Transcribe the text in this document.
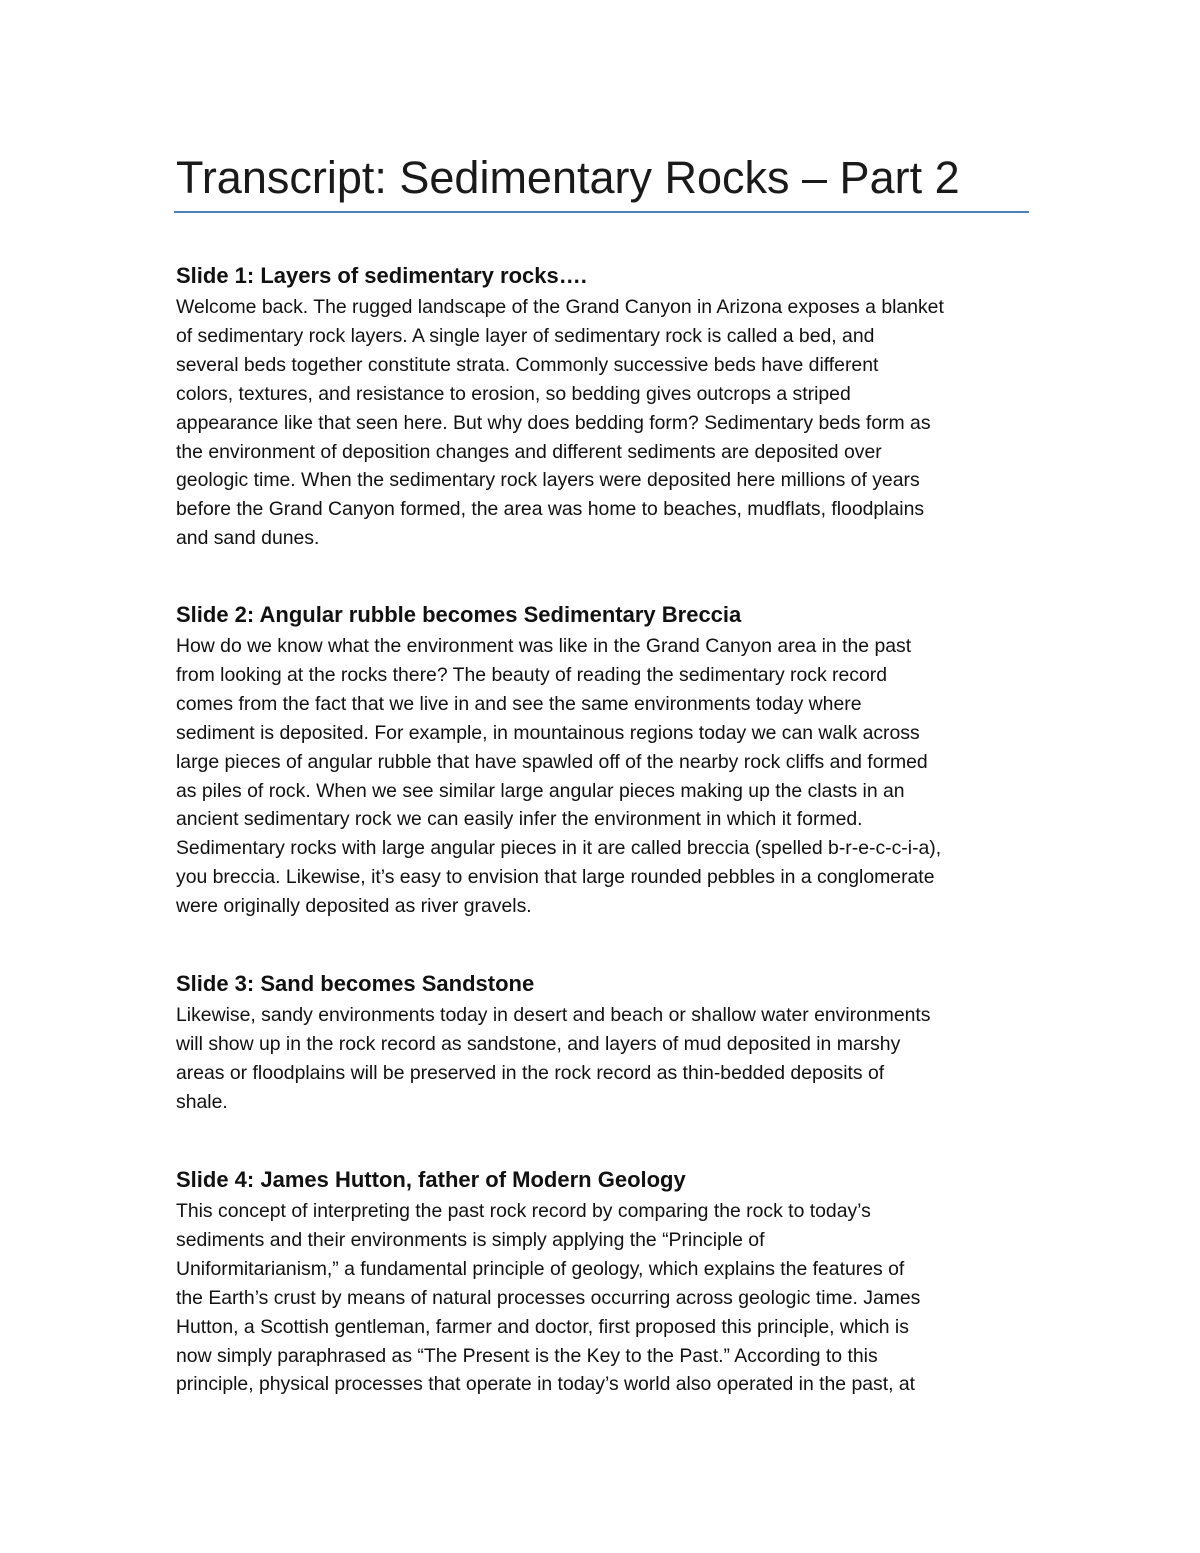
Transcript: Sedimentary Rocks – Part 2
Slide 1: Layers of sedimentary rocks….

Welcome back. The rugged landscape of the Grand Canyon in Arizona exposes a blanket
of sedimentary rock layers. A single layer of sedimentary rock is called a bed, and
several beds together constitute strata. Commonly successive beds have different
colors, textures, and resistance to erosion, so bedding gives outcrops a striped
appearance like that seen here. But why does bedding form? Sedimentary beds form as
the environment of deposition changes and different sediments are deposited over
geologic time. When the sedimentary rock layers were deposited here millions of years
before the Grand Canyon formed, the area was home to beaches, mudflats, floodplains
and sand dunes.

Slide 2: Angular rubble becomes Sedimentary Breccia

How do we know what the environment was like in the Grand Canyon area in the past
from looking at the rocks there? The beauty of reading the sedimentary rock record
comes from the fact that we live in and see the same environments today where
sediment is deposited. For example, in mountainous regions today we can walk across
large pieces of angular rubble that have spawled off of the nearby rock cliffs and formed
as piles of rock. When we see similar large angular pieces making up the clasts in an
ancient sedimentary rock we can easily infer the environment in which it formed.
Sedimentary rocks with large angular pieces in it are called breccia (spelled b-r-e-c-c-i-a),
you breccia. Likewise, it’s easy to envision that large rounded pebbles in a conglomerate
were originally deposited as river gravels.

Slide 3: Sand becomes Sandstone

Likewise, sandy environments today in desert and beach or shallow water environments
will show up in the rock record as sandstone, and layers of mud deposited in marshy
areas or floodplains will be preserved in the rock record as thin-bedded deposits of
shale.

Slide 4: James Hutton, father of Modern Geology

This concept of interpreting the past rock record by comparing the rock to today’s
sediments and their environments is simply applying the “Principle of
Uniformitarianism,” a fundamental principle of geology, which explains the features of
the Earth’s crust by means of natural processes occurring across geologic time. James
Hutton, a Scottish gentleman, farmer and doctor, first proposed this principle, which is
now simply paraphrased as “The Present is the Key to the Past.” According to this
principle, physical processes that operate in today’s world also operated in the past, at
